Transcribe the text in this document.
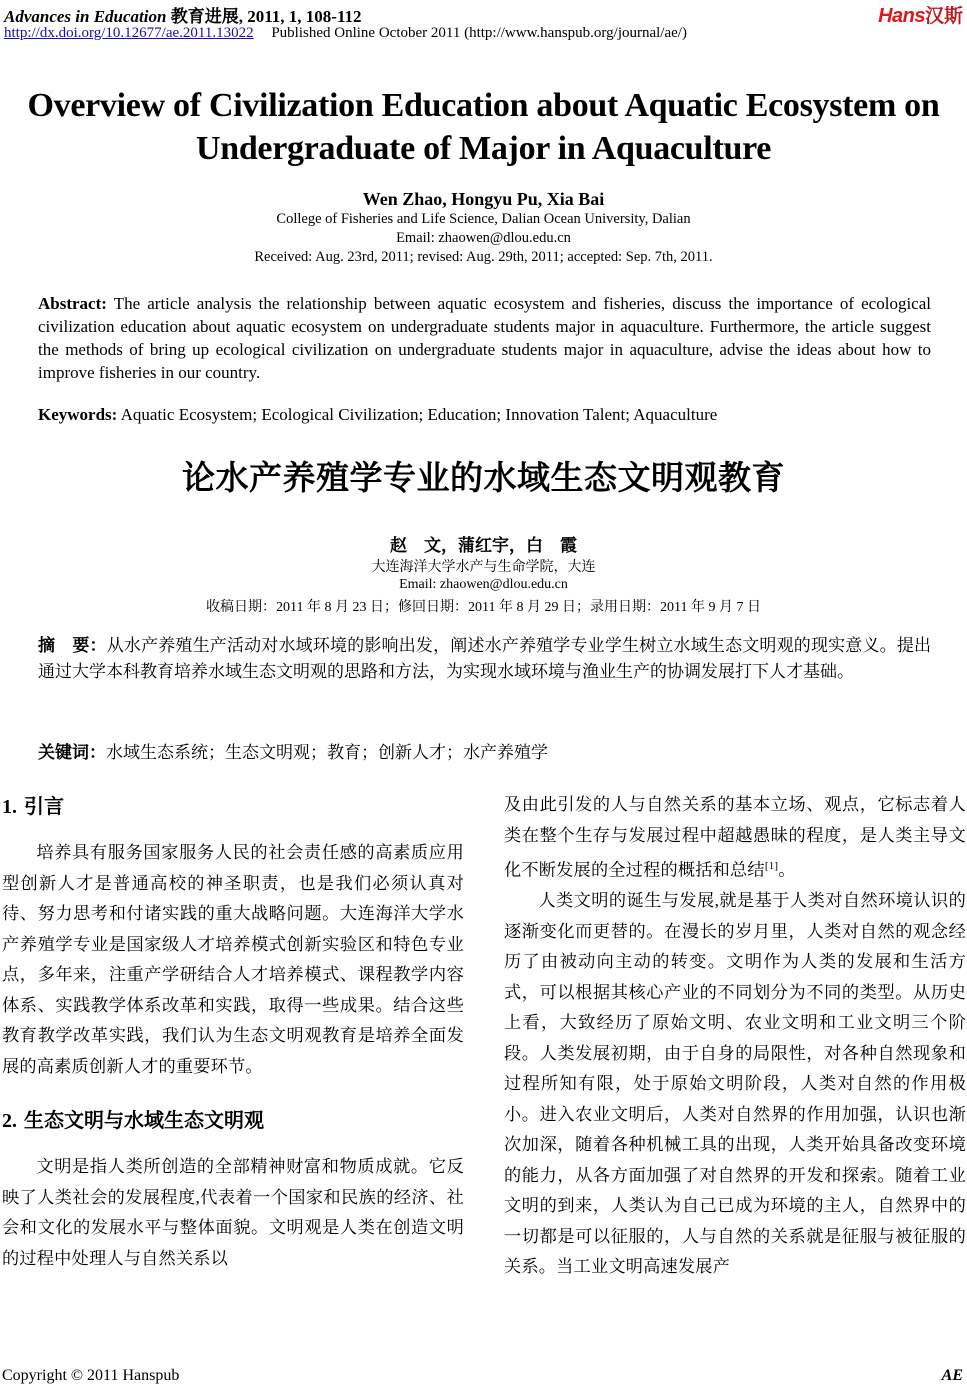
Advances in Education 教育进展, 2011, 1, 108-112
http://dx.doi.org/10.12677/ae.2011.13022 Published Online October 2011 (http://www.hanspub.org/journal/ae/)
Hans汉斯
Overview of Civilization Education about Aquatic Ecosystem on Undergraduate of Major in Aquaculture
Wen Zhao, Hongyu Pu, Xia Bai
College of Fisheries and Life Science, Dalian Ocean University, Dalian
Email: zhaowen@dlou.edu.cn
Received: Aug. 23rd, 2011; revised: Aug. 29th, 2011; accepted: Sep. 7th, 2011.
Abstract: The article analysis the relationship between aquatic ecosystem and fisheries, discuss the importance of ecological civilization education about aquatic ecosystem on undergraduate students major in aquaculture. Furthermore, the article suggest the methods of bring up ecological civilization on undergraduate students major in aquaculture, advise the ideas about how to improve fisheries in our country.
Keywords: Aquatic Ecosystem; Ecological Civilization; Education; Innovation Talent; Aquaculture
论水产养殖学专业的水域生态文明观教育
赵　文，蒲红宇，白　霞
大连海洋大学水产与生命学院，大连
Email: zhaowen@dlou.edu.cn
收稿日期：2011 年 8 月 23 日；修回日期：2011 年 8 月 29 日；录用日期：2011 年 9 月 7 日
摘　要：从水产养殖生产活动对水域环境的影响出发，阐述水产养殖学专业学生树立水域生态文明观的现实意义。提出通过大学本科教育培养水域生态文明观的思路和方法，为实现水域环境与渔业生产的协调发展打下人才基础。
关键词：水域生态系统；生态文明观；教育；创新人才；水产养殖学
1. 引言

培养具有服务国家服务人民的社会责任感的高素质应用型创新人才是普通高校的神圣职责，也是我们必须认真对待、努力思考和付诸实践的重大战略问题。大连海洋大学水产养殖学专业是国家级人才培养模式创新实验区和特色专业点，多年来，注重产学研结合人才培养模式、课程教学内容体系、实践教学体系改革和实践，取得一些成果。结合这些教育教学改革实践，我们认为生态文明观教育是培养全面发展的高素质创新人才的重要环节。

2. 生态文明与水域生态文明观

文明是指人类所创造的全部精神财富和物质成就。它反映了人类社会的发展程度,代表着一个国家和民族的经济、社会和文化的发展水平与整体面貌。文明观是人类在创造文明的过程中处理人与自然关系以

及由此引发的人与自然关系的基本立场、观点，它标志着人类在整个生存与发展过程中超越愚昧的程度，是人类主导文化不断发展的全过程的概括和总结[1]。

人类文明的诞生与发展,就是基于人类对自然环境认识的逐渐变化而更替的。在漫长的岁月里，人类对自然的观念经历了由被动向主动的转变。文明作为人类的发展和生活方式，可以根据其核心产业的不同划分为不同的类型。从历史上看，大致经历了原始文明、农业文明和工业文明三个阶段。人类发展初期，由于自身的局限性，对各种自然现象和过程所知有限，处于原始文明阶段，人类对自然的作用极小。进入农业文明后，人类对自然界的作用加强，认识也渐次加深，随着各种机械工具的出现，人类开始具备改变环境的能力，从各方面加强了对自然界的开发和探索。随着工业文明的到来，人类认为自己已成为环境的主人，自然界中的一切都是可以征服的，人与自然的关系就是征服与被征服的关系。当工业文明高速发展产

Copyright © 2011 Hanspub	AE
